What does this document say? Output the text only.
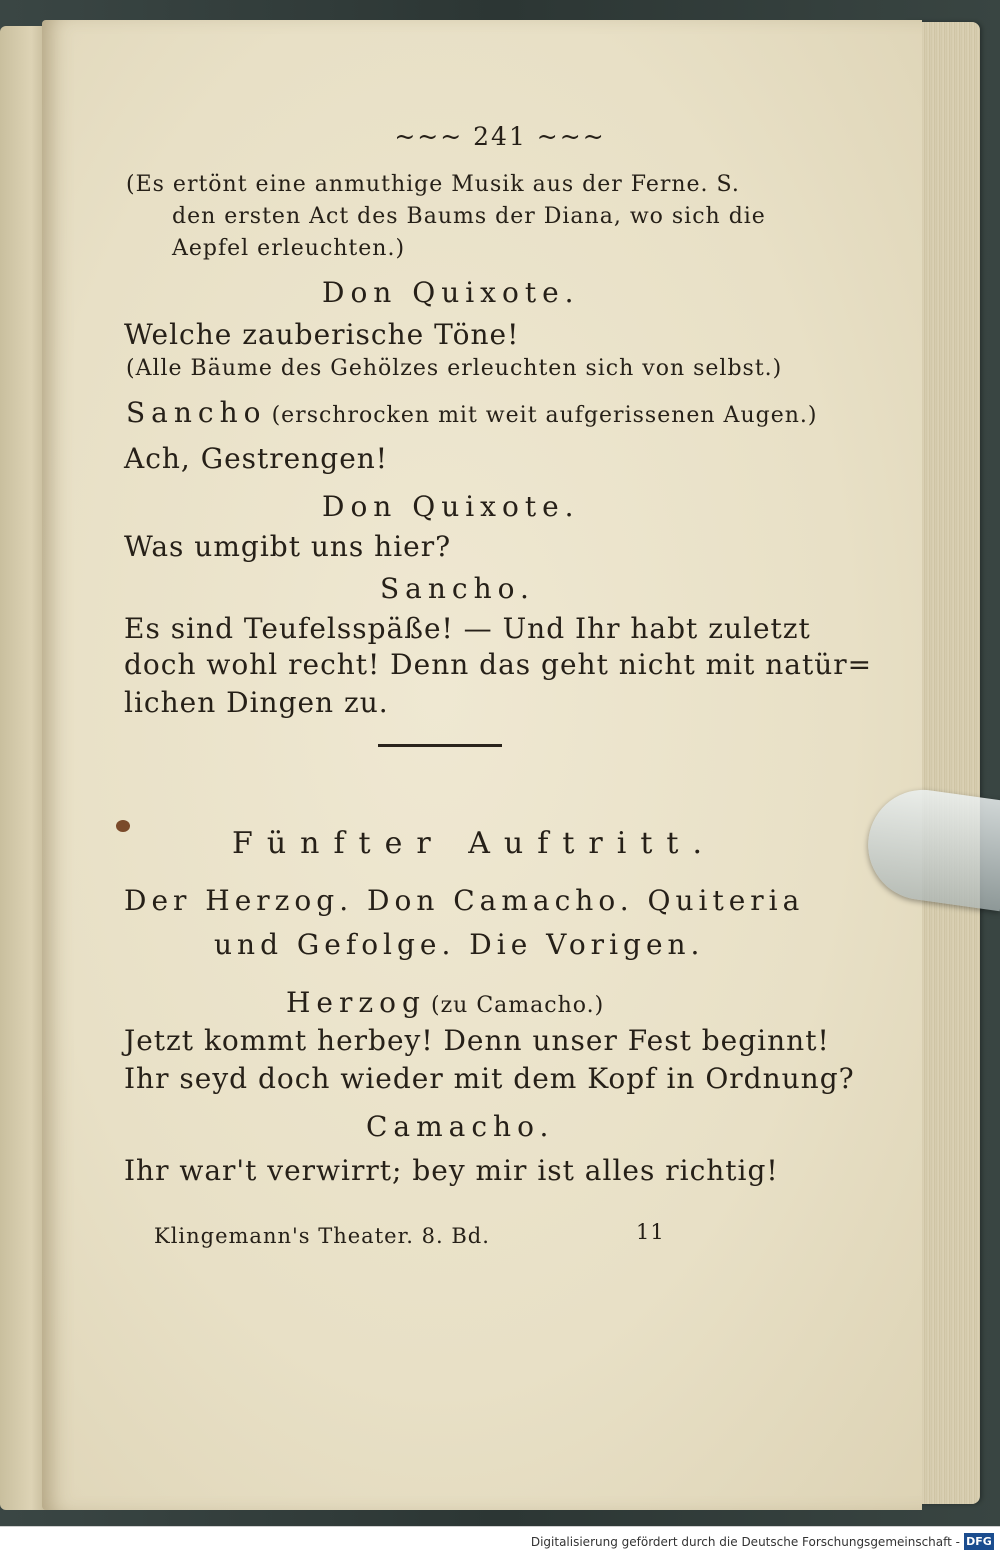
~~~ 241 ~~~
(Es ertönt eine anmuthige Musik aus der Ferne. S.
den ersten Act des Baums der Diana, wo sich die
Aepfel erleuchten.)
Don Quixote.
Welche zauberische Töne!
(Alle Bäume des Gehölzes erleuchten sich von selbst.)
Sancho (erschrocken mit weit aufgerissenen Augen.)
Ach, Gestrengen!
Don Quixote.
Was umgibt uns hier?
Sancho.
Es sind Teufelsspäße! — Und Ihr habt zuletzt
doch wohl recht! Denn das geht nicht mit natür=
lichen Dingen zu.
Fünfter Auftritt.
Der Herzog. Don Camacho. Quiteria
und Gefolge. Die Vorigen.
Herzog (zu Camacho.)
Jetzt kommt herbey! Denn unser Fest beginnt!
Ihr seyd doch wieder mit dem Kopf in Ordnung?
Camacho.
Ihr war't verwirrt; bey mir ist alles richtig!
Klingemann's Theater. 8. Bd.	11
Digitalisierung gefördert durch die Deutsche Forschungsgemeinschaft - DFG
